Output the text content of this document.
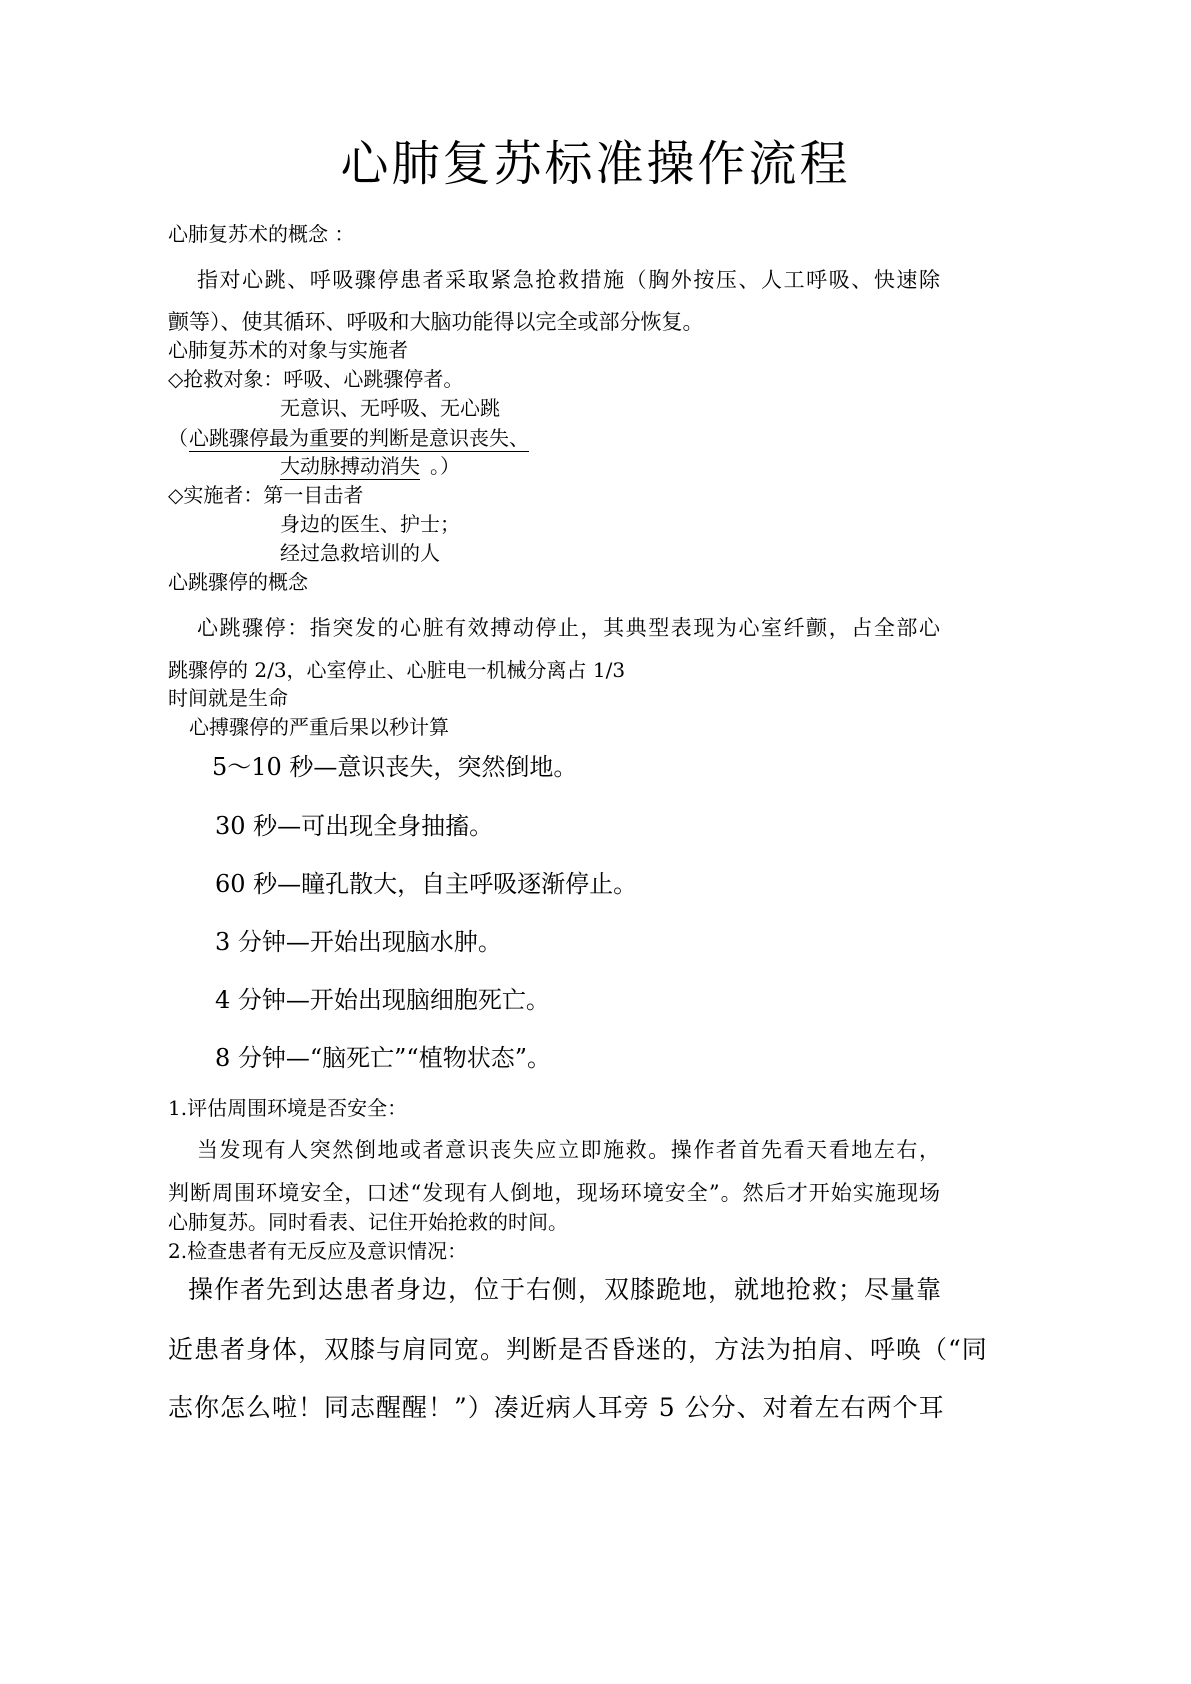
心肺复苏标准操作流程
心肺复苏术的概念 ：
指对心跳、呼吸骤停患者采取紧急抢救措施（胸外按压、人工呼吸、快速除
颤等）、使其循环、呼吸和大脑功能得以完全或部分恢复。
心肺复苏术的对象与实施者
◇抢救对象：呼吸、心跳骤停者。
无意识、无呼吸、无心跳
（ 心跳骤停最为重要的判断是意识丧失、
大动脉搏动消失 。）
◇实施者：第一目击者
身边的医生、护士；
经过急救培训的人
心跳骤停的概念
心跳骤停：指突发的心脏有效搏动停止，其典型表现为心室纤颤，占全部心
跳骤停的 2/3，心室停止、心脏电一机械分离占 1/3
时间就是生命
心搏骤停的严重后果以秒计算
5～10 秒—意识丧失，突然倒地。
30 秒—可出现全身抽搐。
60 秒—瞳孔散大，自主呼吸逐渐停止。
3 分钟—开始出现脑水肿。
4 分钟—开始出现脑细胞死亡。
8 分钟—“脑死亡”“植物状态”。
1.评估周围环境是否安全：
当发现有人突然倒地或者意识丧失应立即施救。操作者首先看天看地左右，
判断周围环境安全，口述“发现有人倒地，现场环境安全”。然后才开始实施现场
心肺复苏。同时看表、记住开始抢救的时间。
2.检查患者有无反应及意识情况：
操作者先到达患者身边，位于右侧，双膝跪地，就地抢救；尽量靠
近患者身体，双膝与肩同宽。判断是否昏迷的，方法为拍肩、呼唤（“同
志你怎么啦！同志醒醒！”）凑近病人耳旁 5 公分、对着左右两个耳
